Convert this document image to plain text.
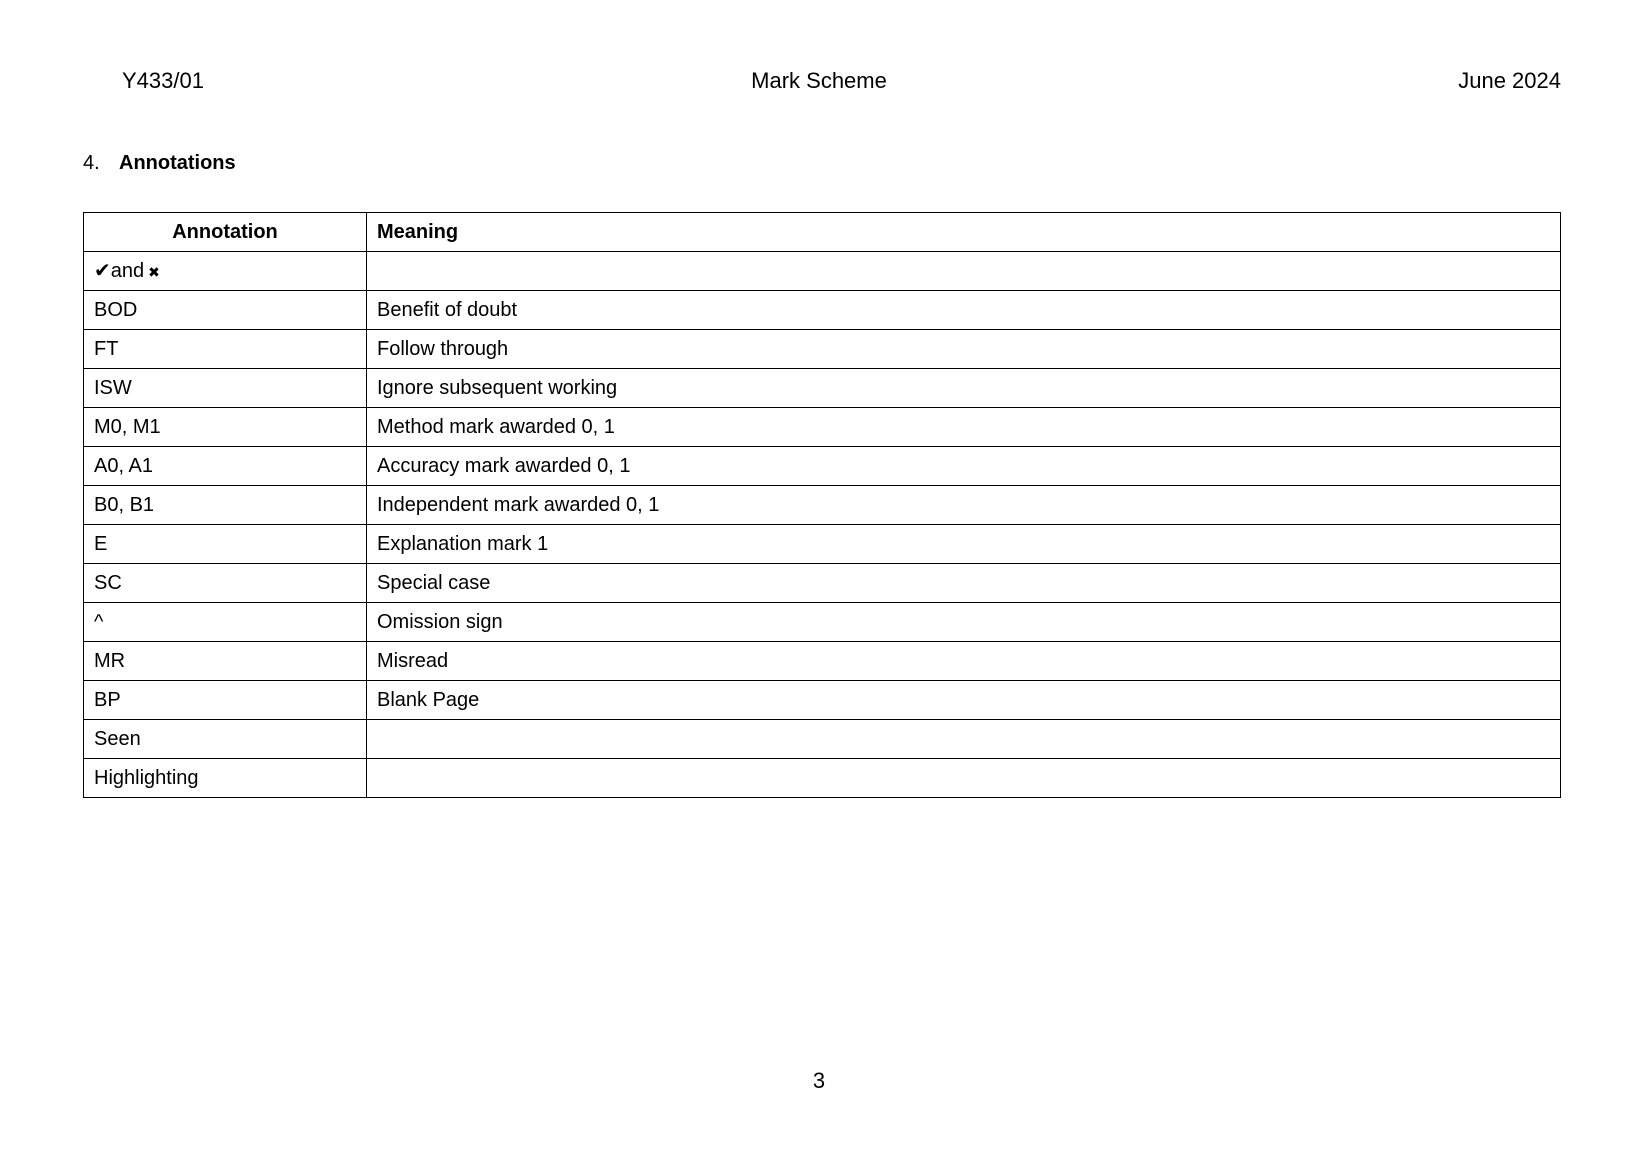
Y433/01	Mark Scheme	June 2024
4. Annotations
Annotation	Meaning
✔and ✖	
BOD	Benefit of doubt
FT	Follow through
ISW	Ignore subsequent working
M0, M1	Method mark awarded 0, 1
A0, A1	Accuracy mark awarded 0, 1
B0, B1	Independent mark awarded 0, 1
E	Explanation mark 1
SC	Special case
^	Omission sign
MR	Misread
BP	Blank Page
Seen	
Highlighting	
3
